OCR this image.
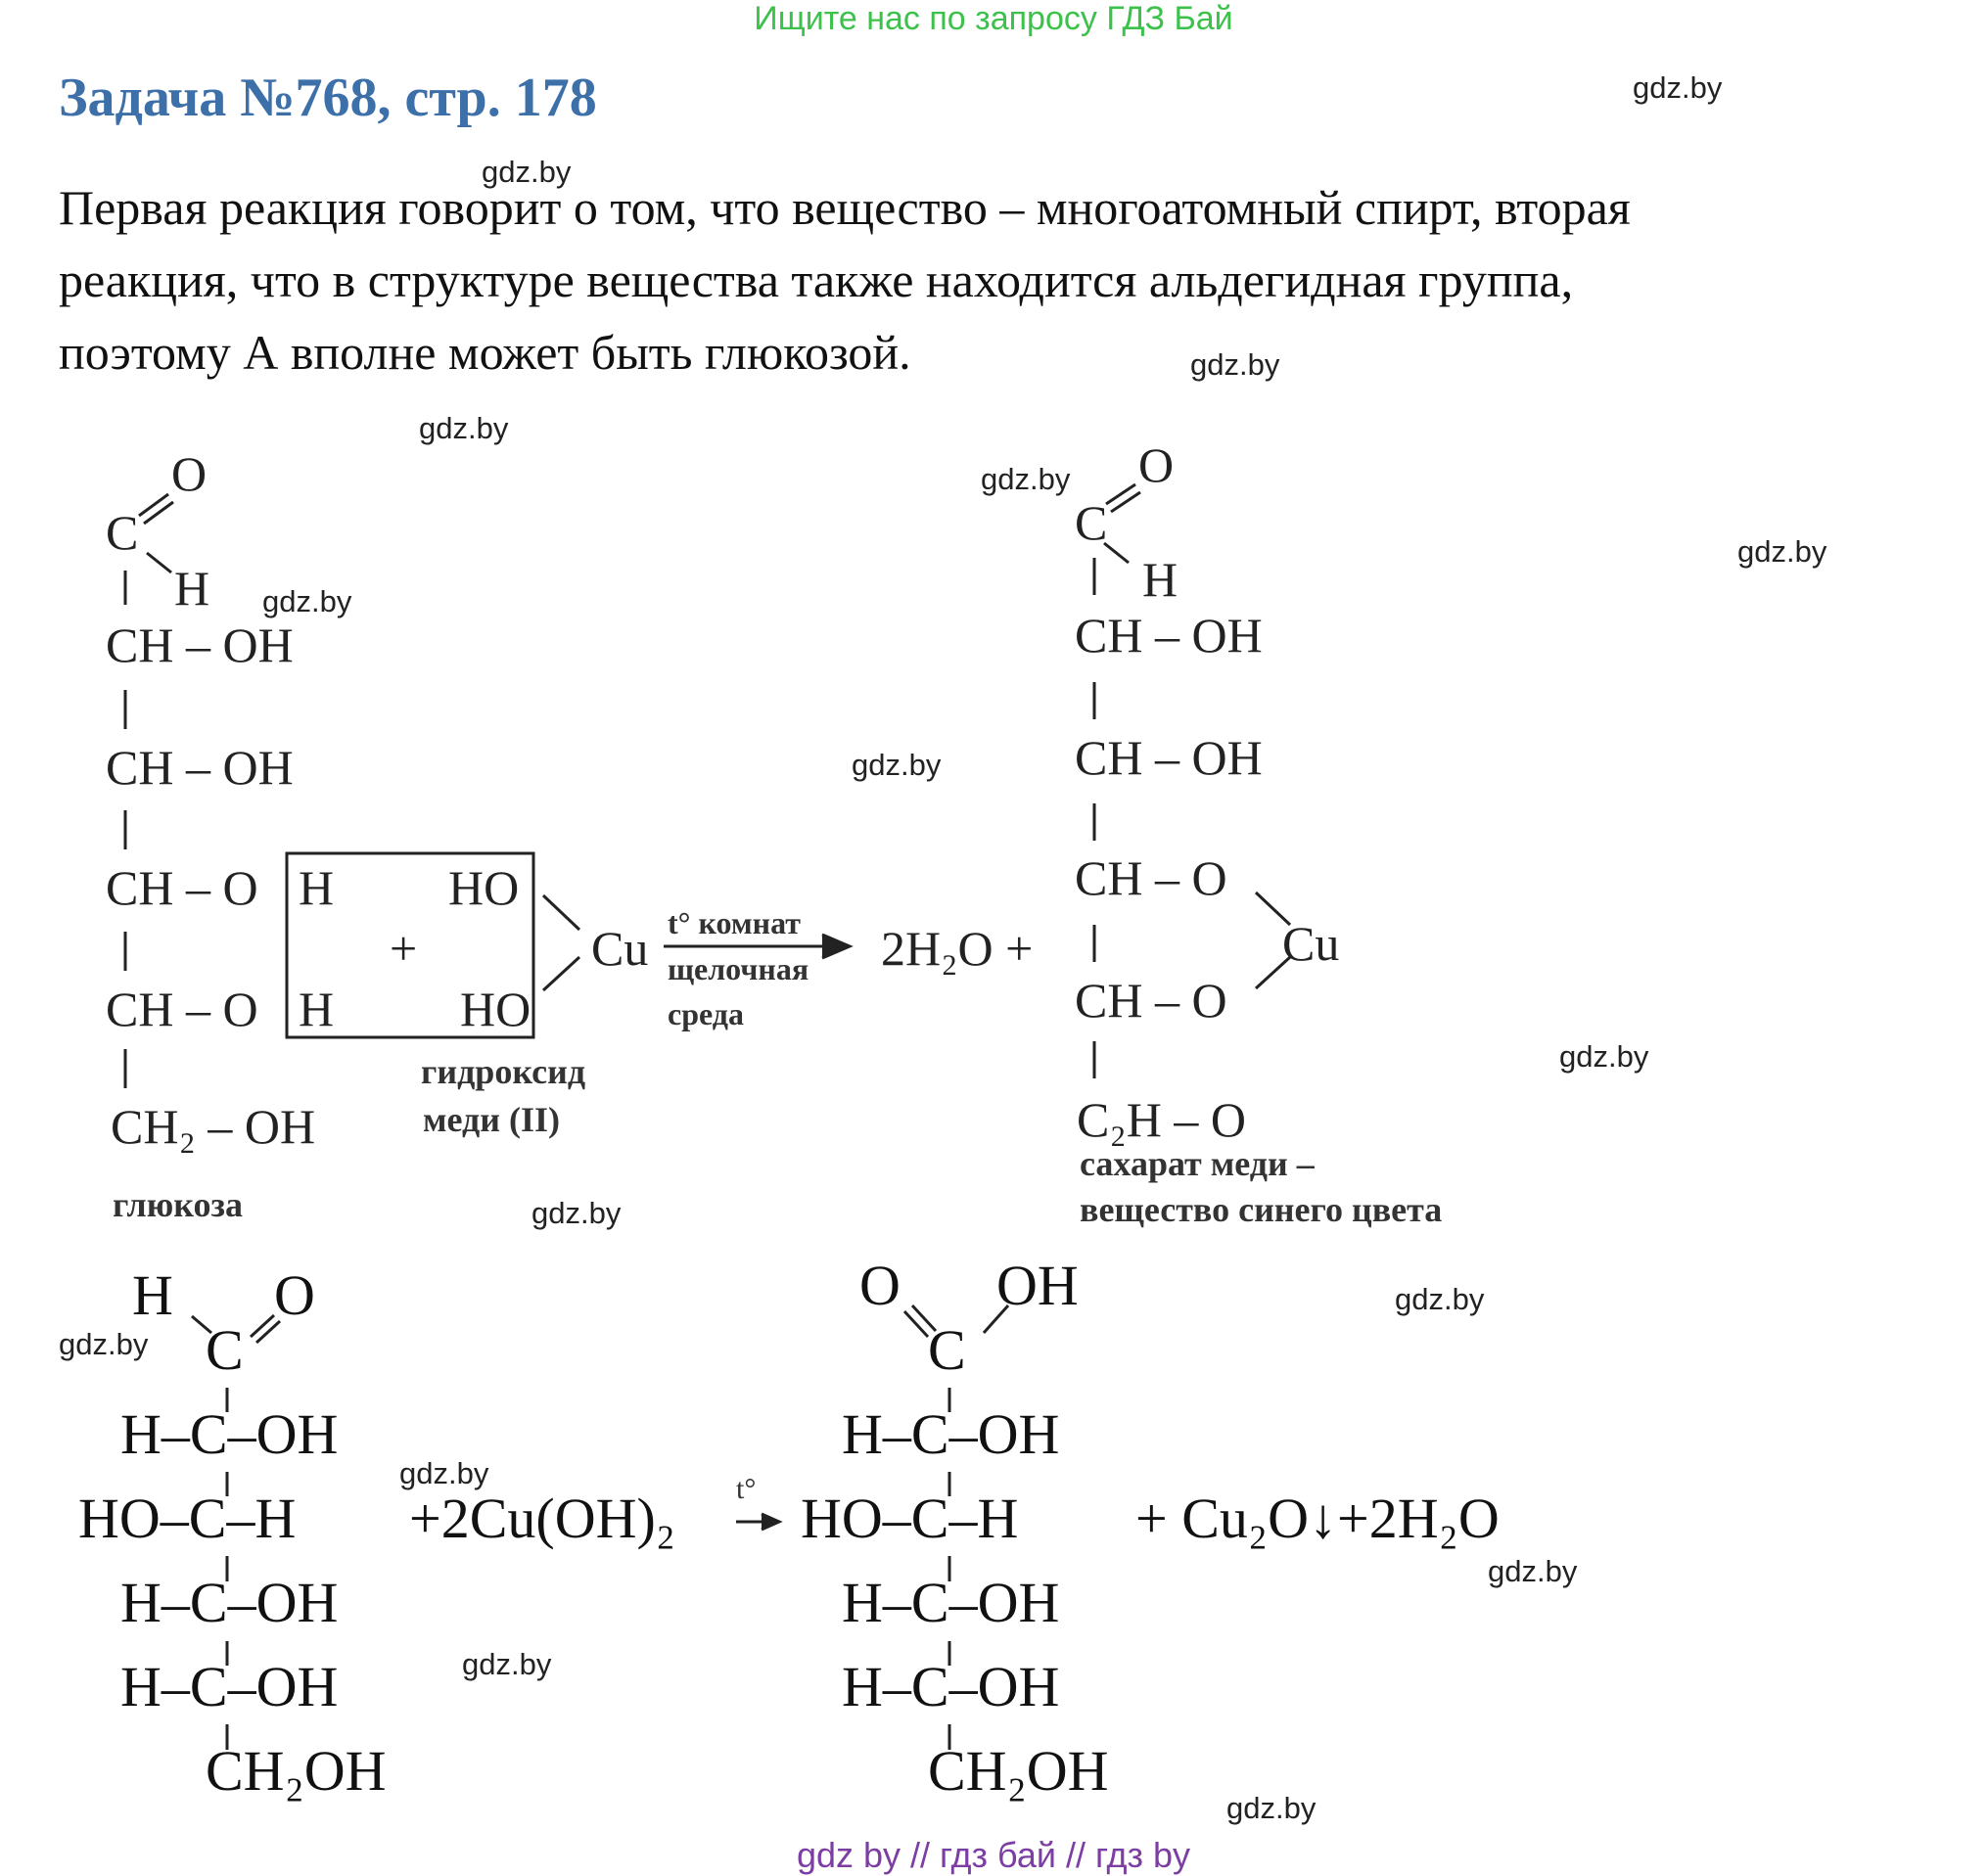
Ищите нас по запросу ГДЗ Бай
Задача №768, стр. 178	gdz.by
gdz.by
Первая реакция говорит о том, что вещество – многоатомный спирт, вторая
реакция, что в структуре вещества также находится альдегидная группа,
поэтому А вполне может быть глюкозой.	gdz.by
gdz.by
gdz.by
gdz.by
gdz.by
gdz.by
gdz.by
gdz.by
O
C
H
CH – OH
CH – OH
CH – O
CH – O
CH₂ – OH
глюкоза
H HO
+
H	HO
Cu
гидроксид
меди (II)
t° комнат
щелочная
среда
2H₂O +
O
C
H
CH – OH
CH – OH
CH – O
Cu
CH – O
C₂H – O
сахарат меди –
вещество синего цвета
gdz.by
gdz.by
gdz.by
gdz.by
gdz.by
gdz.by
H O
C
H–C–OH
HO–C–H
H–C–OH
H–C–OH
CH₂OH
+2Cu(OH)₂ t°
O OH
C
H–C–OH
HO–C–H
H–C–OH
H–C–OH
CH₂OH
+ Cu₂O↓+2H₂O
gdz by // гдз бай // гдз by
